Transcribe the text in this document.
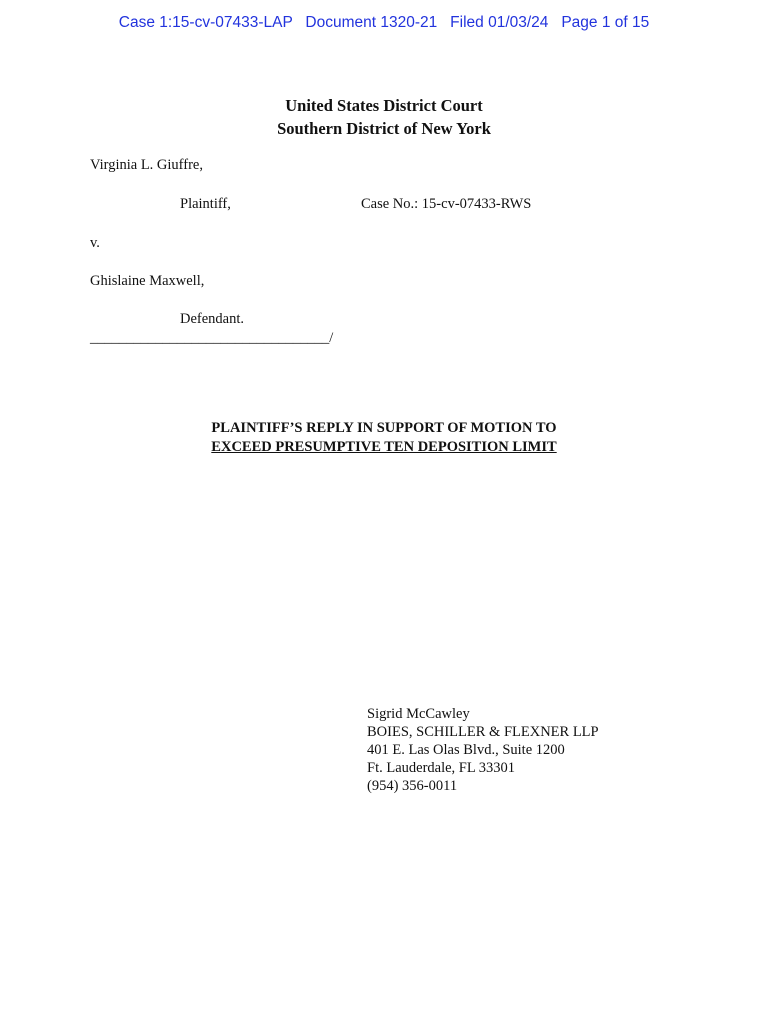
Case 1:15-cv-07433-LAP   Document 1320-21   Filed 01/03/24   Page 1 of 15
United States District Court
Southern District of New York
Virginia L. Giuffre,
Plaintiff,	Case No.: 15-cv-07433-RWS
v.
Ghislaine Maxwell,
Defendant.
_________________________________/
PLAINTIFF’S REPLY IN SUPPORT OF MOTION TO
EXCEED PRESUMPTIVE TEN DEPOSITION LIMIT
Sigrid McCawley
BOIES, SCHILLER & FLEXNER LLP
401 E. Las Olas Blvd., Suite 1200
Ft. Lauderdale, FL 33301
(954) 356-0011
